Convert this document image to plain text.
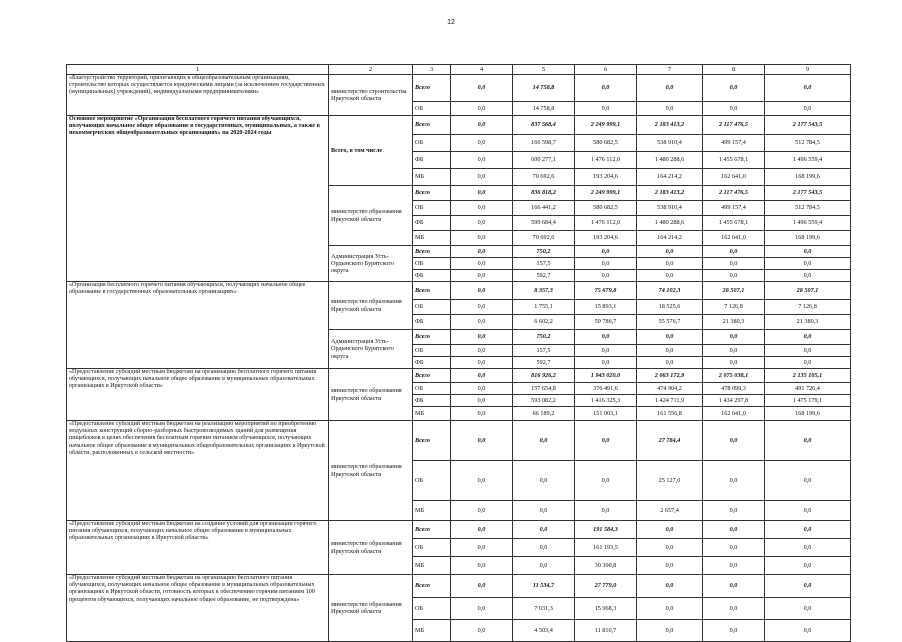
12
1	2	3	4	5	6	7	8	9
«Благоустройство территорий, прилегающих к общеобразовательным организациям, строительство которых осуществляется юридическими лицами (за исключением государственных (муниципальных) учреждений), индивидуальными предпринимателями»	министерство строительства Иркутской области	Всего	0,0	14 758,8	0,0	0,0	0,0	0,0
		ОБ	0,0	14 758,8	0,0	0,0	0,0	0,0
Основное мероприятие «Организация бесплатного горячего питания обучающихся, получающих начальное общее образование в государственных, муниципальных, а также в некоммерческих общеобразовательных организациях» на 2020-2024 годы	Всего, в том числе	Всего	0,0	837 568,4	2 249 999,1	2 183 413,2	2 117 476,5	2 177 543,5
		ОБ	0,0	166 598,7	580 682,5	538 910,4	499 157,4	512 784,5
		ФБ	0,0	600 277,1	1 476 112,0	1 480 288,6	1 455 678,1	1 496 559,4
		МБ	0,0	70 692,6	193 204,6	164 214,2	162 641,0	168 199,6
	министерство образования Иркутской области	Всего	0,0	836 818,2	2 249 999,1	2 183 413,2	2 117 476,5	2 177 543,5
		ОБ	0,0	166 441,2	580 682,5	538 910,4	499 157,4	512 784,5
		ФБ	0,0	599 684,4	1 476 112,0	1 480 288,6	1 455 678,1	1 496 559,4
		МБ	0,0	70 692,6	193 204,6	164 214,2	162 641,0	168 199,6
	Администрация Усть-Ордынского Бурятского округа	Всего	0,0	750,2	0,0	0,0	0,0	0,0
		ОБ	0,0	157,5	0,0	0,0	0,0	0,0
		ФБ	0,0	592,7	0,0	0,0	0,0	0,0
«Организация бесплатного горячего питания обучающихся, получающих начальное общее образование в государственных образовательных организациях»	министерство образования Иркутской области	Всего	0,0	8 357,3	75 679,8	74 102,3	28 507,1	28 507,1
		ОБ	0,0	1 755,1	15 893,1	18 525,6	7 126,8	7 126,8
		ФБ	0,0	6 602,2	59 786,7	55 576,7	21 380,3	21 380,3
	Администрация Усть-Ордынского Бурятского округа	Всего	0,0	750,2	0,0	0,0	0,0	0,0
		ОБ	0,0	157,5	0,0	0,0	0,0	0,0
		ФБ	0,0	592,7	0,0	0,0	0,0	0,0
«Предоставление субсидий местным бюджетам на организацию бесплатного горячего питания обучающихся, получающих начальное общее образование в муниципальных образовательных организациях в Иркутской области»	министерство образования Иркутской области	Всего	0,0	816 926,2	1 943 020,0	2 063 172,9	2 075 038,1	2 135 105,1
		ОБ	0,0	157 654,8	376 491,6	474 904,2	478 099,3	491 726,4
		ФБ	0,0	593 082,2	1 416 325,3	1 424 711,9	1 434 297,8	1 475 179,1
		МБ	0,0	66 189,2	151 003,1	161 556,8	162 641,0	168 199,6
«Предоставление субсидий местным бюджетам на реализацию мероприятий по приобретению модульных конструкций сборно-разборных быстровозводимых зданий для размещения пищеблоков в целях обеспечения бесплатным горячим питанием обучающихся, получающих начальное общее образование в муниципальных общеобразовательных организациях в Иркутской области, расположенных в сельской местности»	министерство образования Иркутской области	Всего	0,0	0,0	0,0	27 784,4	0,0	0,0
		ОБ	0,0	0,0	0,0	25 127,0	0,0	0,0
		МБ	0,0	0,0	0,0	2 657,4	0,0	0,0
«Предоставление субсидий местным бюджетам на создание условий для организации горячего питания обучающихся, получающих начальное общее образование в муниципальных образовательных организациях в Иркутской области»	министерство образования Иркутской области	Всего	0,0	0,0	191 584,3	0,0	0,0	0,0
		ОБ	0,0	0,0	161 193,5	0,0	0,0	0,0
		МБ	0,0	0,0	30 390,8	0,0	0,0	0,0
«Предоставление субсидий местным бюджетам на организацию бесплатного питания обучающихся, получающих начальное общее образование в муниципальных образовательных организациях в Иркутской области, готовность которых к обеспечению горячим питанием 100 процентов обучающихся, получающих начальное общее образование, не подтверждена»	министерство образования Иркутской области	Всего	0,0	11 534,7	27 779,0	0,0	0,0	0,0
		ОБ	0,0	7 031,3	15 968,3	0,0	0,0	0,0
		МБ	0,0	4 503,4	11 810,7	0,0	0,0	0,0
